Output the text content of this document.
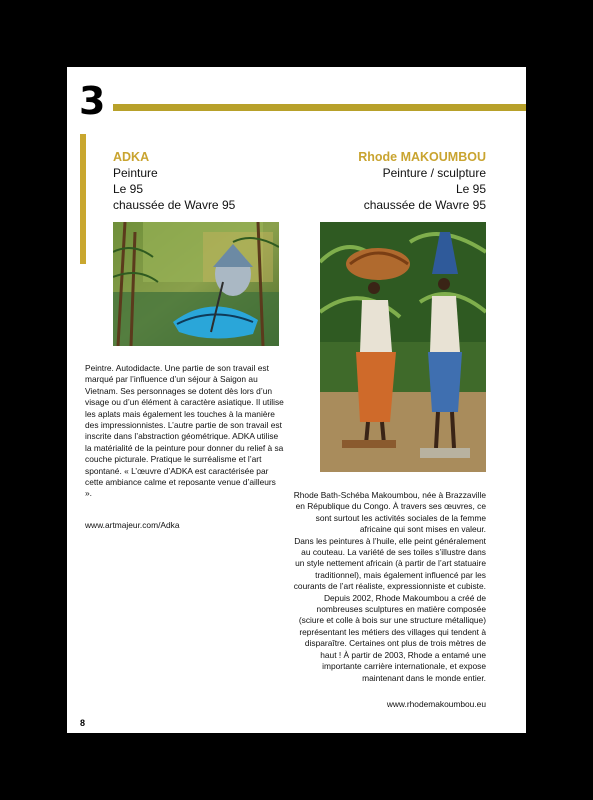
3
ADKA
Peinture
Le 95
chaussée de Wavre 95
Rhode MAKOUMBOU
Peinture / sculpture
Le 95
chaussée de Wavre 95

Peintre. Autodidacte. Une partie de son travail est marqué par l’influence d’un séjour à Saigon au Vietnam. Ses personnages se dotent dès lors d’un visage ou d’un élément à caractère asiatique. Il utilise les aplats mais également les touches à la manière des impressionnistes. L’autre partie de son travail est inscrite dans l’abstraction géométrique. ADKA utilise la matérialité de la peinture pour donner du relief à sa couche picturale. Pratique le surréalisme et l’art spontané. « L’œuvre d’ADKA est caractérisée par cette ambiance calme et reposante venue d’ailleurs ».

www.artmajeur.com/Adka

Rhode Bath-Schéba Makoumbou, née à Brazzaville en République du Congo. À travers ses œuvres, ce sont surtout les activités sociales de la femme africaine qui sont mises en valeur.

Dans les peintures à l’huile, elle peint généralement au couteau. La variété de ses toiles s’illustre dans un style nettement africain (à partir de l’art statuaire traditionnel), mais également influencé par les courants de l’art réaliste, expressionniste et cubiste.

Depuis 2002, Rhode Makoumbou a créé de nombreuses sculptures en matière composée (sciure et colle à bois sur une structure métallique) représentant les métiers des villages qui tendent à disparaître. Certaines ont plus de trois mètres de haut ! À partir de 2003, Rhode a entamé une importante carrière internationale, et expose maintenant dans le monde entier.

www.rhodemakoumbou.eu
8
